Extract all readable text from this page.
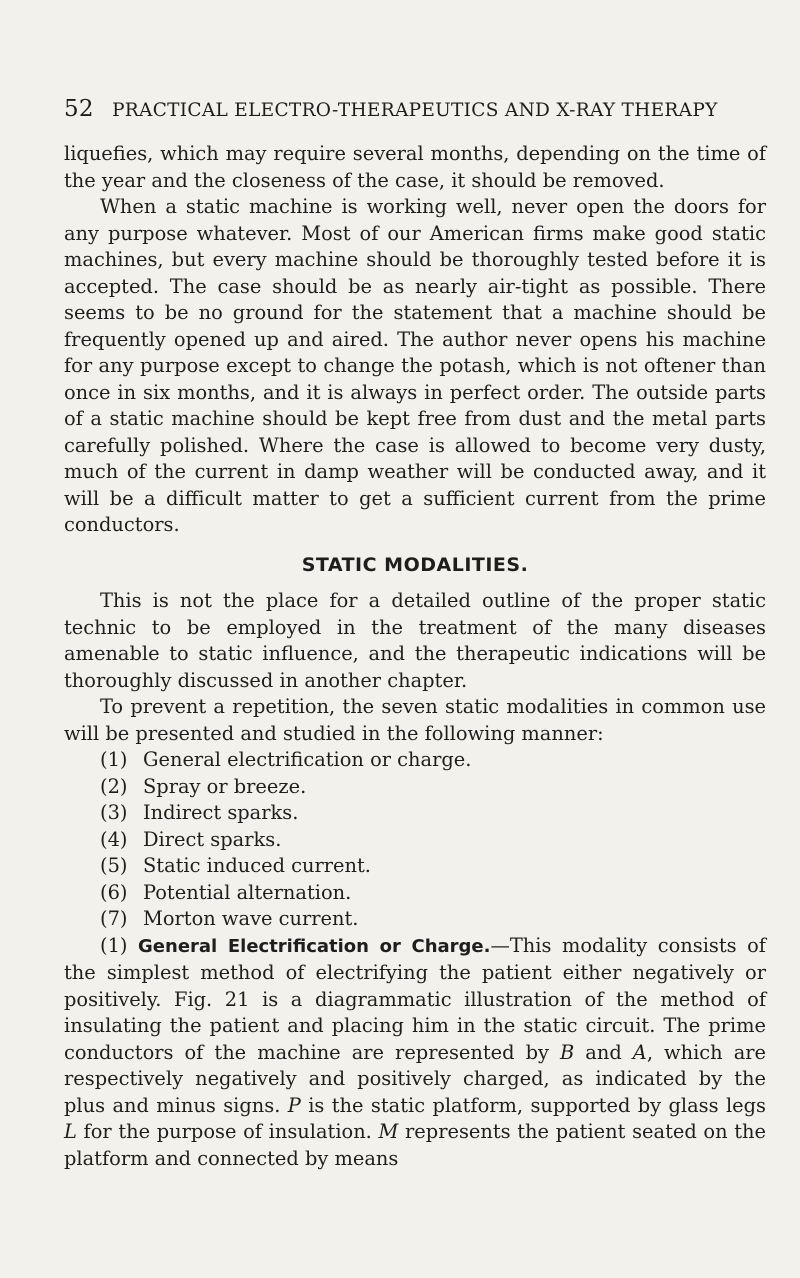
52 PRACTICAL ELECTRO-THERAPEUTICS AND X-RAY THERAPY

liquefies, which may require several months, depending on the time of the year and the closeness of the case, it should be removed.

When a static machine is working well, never open the doors for any purpose whatever. Most of our American firms make good static machines, but every machine should be thoroughly tested before it is accepted. The case should be as nearly air-tight as possible. There seems to be no ground for the statement that a machine should be frequently opened up and aired. The author never opens his machine for any purpose except to change the potash, which is not oftener than once in six months, and it is always in perfect order. The outside parts of a static machine should be kept free from dust and the metal parts carefully polished. Where the case is allowed to become very dusty, much of the current in damp weather will be conducted away, and it will be a difficult matter to get a sufficient current from the prime conductors.

STATIC MODALITIES.

This is not the place for a detailed outline of the proper static technic to be employed in the treatment of the many diseases amenable to static influence, and the therapeutic indications will be thoroughly discussed in another chapter.

To prevent a repetition, the seven static modalities in common use will be presented and studied in the following manner:

(1) General electrification or charge.
(2) Spray or breeze.
(3) Indirect sparks.
(4) Direct sparks.
(5) Static induced current.
(6) Potential alternation.
(7) Morton wave current.

(1) General Electrification or Charge.—This modality consists of the simplest method of electrifying the patient either negatively or positively. Fig. 21 is a diagrammatic illustration of the method of insulating the patient and placing him in the static circuit. The prime conductors of the machine are represented by B and A, which are respectively negatively and positively charged, as indicated by the plus and minus signs. P is the static platform, supported by glass legs L for the purpose of insulation. M represents the patient seated on the platform and connected by means
